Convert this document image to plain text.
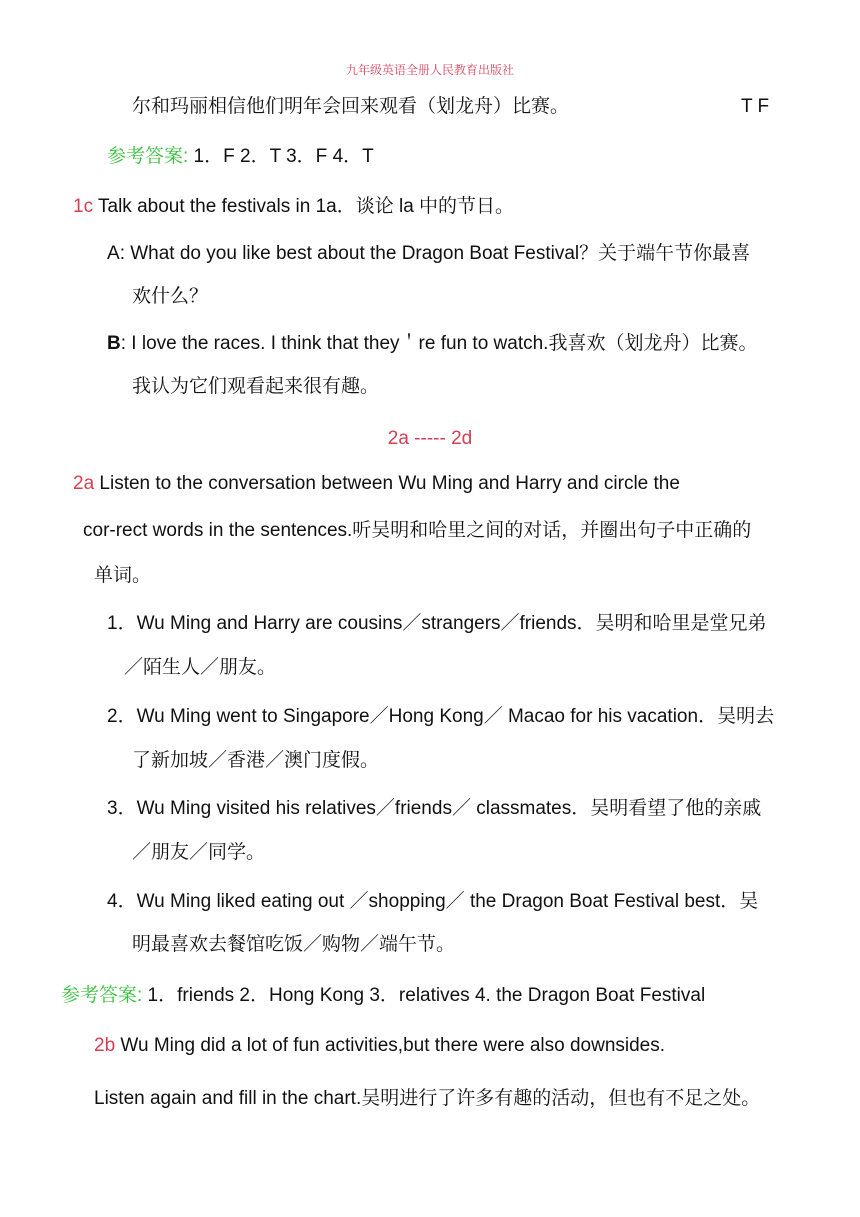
九年级英语全册人民教育出版社
尔和玛丽相信他们明年会回来观看（划龙舟）比赛。	T F
参考答案: 1．F 2．T 3．F 4．T
1c Talk about the festivals in 1a．谈论 la 中的节日。
A: What do you like best about the Dragon Boat Festival？关于端午节你最喜
欢什么？
B: I love the races. I think that they＇re fun to watch.我喜欢（划龙舟）比赛。
我认为它们观看起来很有趣。
2a ----- 2d
2a Listen to the conversation between Wu Ming and Harry and circle the
cor-rect words in the sentences.听吴明和哈里之间的对话，并圈出句子中正确的
单词。
1．Wu Ming and Harry are cousins／strangers／friends．吴明和哈里是堂兄弟
／陌生人／朋友。
2．Wu Ming went to Singapore／Hong Kong／ Macao for his vacation．吴明去
了新加坡／香港／澳门度假。
3．Wu Ming visited his relatives／friends／ classmates．吴明看望了他的亲戚
／朋友／同学。
4．Wu Ming liked eating out ／shopping／ the Dragon Boat Festival best．吴
明最喜欢去餐馆吃饭／购物／端午节。
参考答案: 1．friends 2．Hong Kong 3．relatives 4. the Dragon Boat Festival
2b Wu Ming did a lot of fun activities,but there were also downsides.
Listen again and fill in the chart.吴明进行了许多有趣的活动，但也有不足之处。
